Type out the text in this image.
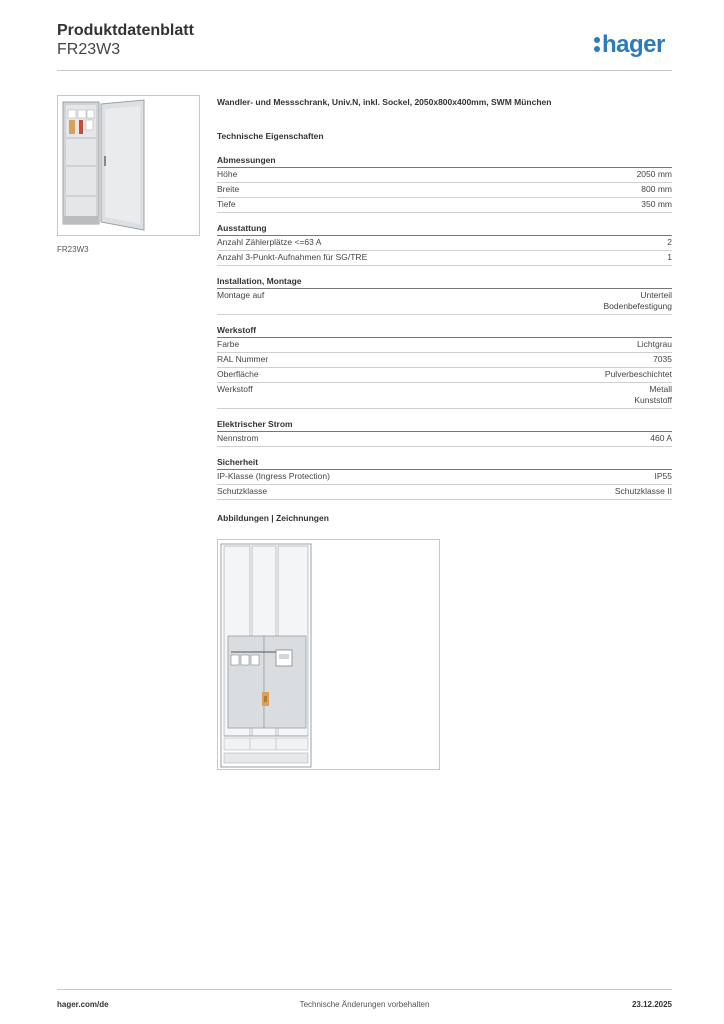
Produktdatenblatt
FR23W3	hager
FR23W3
Wandler- und Messschrank, Univ.N, inkl. Sockel, 2050x800x400mm, SWM München
Technische Eigenschaften
Abmessungen
Höhe	2050 mm
Breite	800 mm
Tiefe	350 mm
Ausstattung
Anzahl Zählerplätze <=63 A	2
Anzahl 3-Punkt-Aufnahmen für SG/TRE	1
Installation, Montage
Montage auf	Unterteil
Bodenbefestigung
Werkstoff
Farbe	Lichtgrau
RAL Nummer	7035
Oberfläche	Pulverbeschichtet
Werkstoff	Metall
Kunststoff
Elektrischer Strom
Nennstrom	460 A
Sicherheit
IP-Klasse (Ingress Protection)	IP55
Schutzklasse	Schutzklasse II
Abbildungen | Zeichnungen
hager.com/de	Technische Änderungen vorbehalten	23.12.2025
